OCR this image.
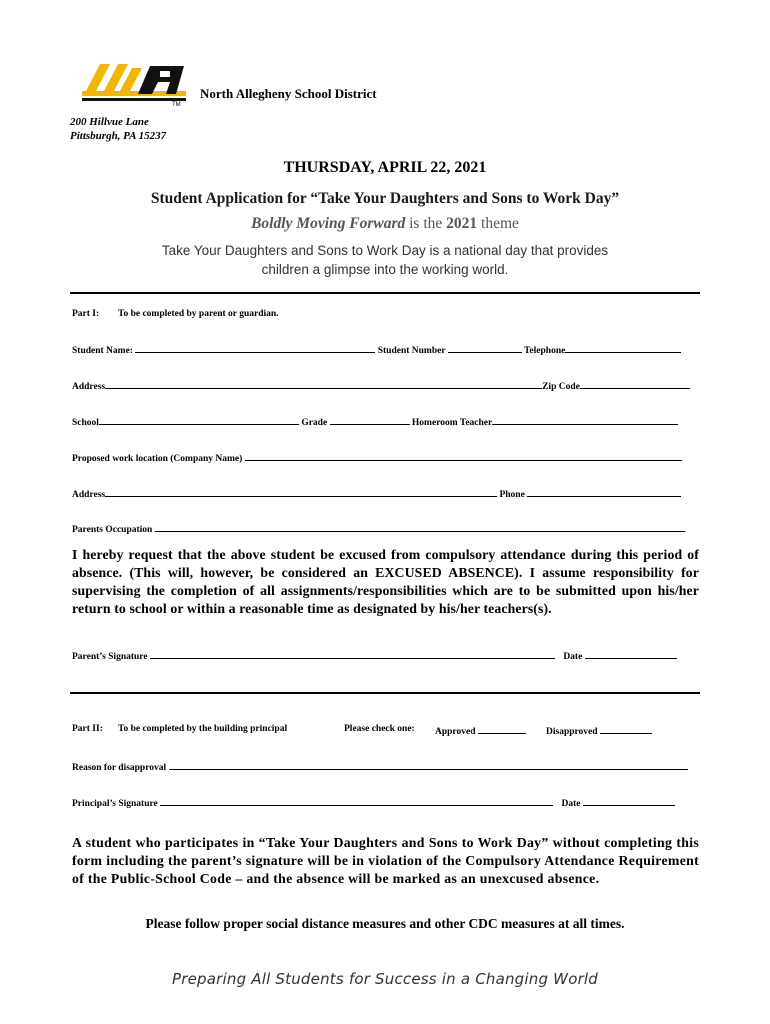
TM
North Allegheny School District
200 Hillvue Lane
Pittsburgh, PA 15237
THURSDAY, APRIL 22, 2021
Student Application for “Take Your Daughters and Sons to Work Day”
Boldly Moving Forward is the 2021 theme
Take Your Daughters and Sons to Work Day is a national day that provides
children a glimpse into the working world.
Part I: To be completed by parent or guardian.
Student Name:	Student Number	Telephone
Address	Zip Code
School	Grade	Homeroom Teacher
Proposed work location (Company Name)
Address	Phone
Parents Occupation
I hereby request that the above student be excused from compulsory attendance during this period of absence. (This will, however, be considered an EXCUSED ABSENCE). I assume responsibility for supervising the completion of all assignments/responsibilities which are to be submitted upon his/her return to school or within a reasonable time as designated by his/her teachers(s).
Parent’s Signature	Date
Part II: To be completed by the building principal	Please check one: Approved	Disapproved
Reason for disapproval
Principal’s Signature	Date
A student who participates in “Take Your Daughters and Sons to Work Day” without completing this form including the parent’s signature will be in violation of the Compulsory Attendance Requirement of the Public-School Code – and the absence will be marked as an unexcused absence.
Please follow proper social distance measures and other CDC measures at all times.
Preparing All Students for Success in a Changing World
